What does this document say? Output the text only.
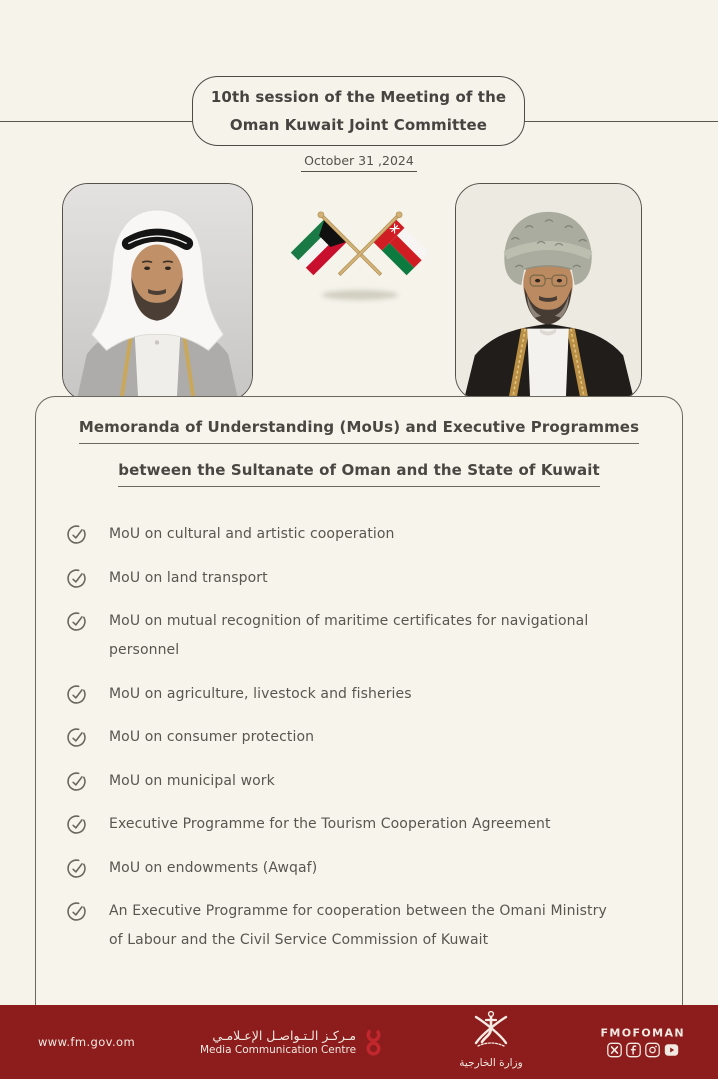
10th session of the Meeting of the
Oman Kuwait Joint Committee
October 31 ,2024
Memoranda of Understanding (MoUs) and Executive Programmes
between the Sultanate of Oman and the State of Kuwait
MoU on cultural and artistic cooperation
MoU on land transport
MoU on mutual recognition of maritime certificates for navigational personnel
MoU on agriculture, livestock and fisheries
MoU on consumer protection
MoU on municipal work
Executive Programme for the Tourism Cooperation Agreement
MoU on endowments (Awqaf)
An Executive Programme for cooperation between the Omani Ministry of Labour and the Civil Service Commission of Kuwait
www.fm.gov.om	مـركـز الـتـواصـل الإعـلامـي
Media Communication Centre
وزارة الخارجية
FMOFOMAN
